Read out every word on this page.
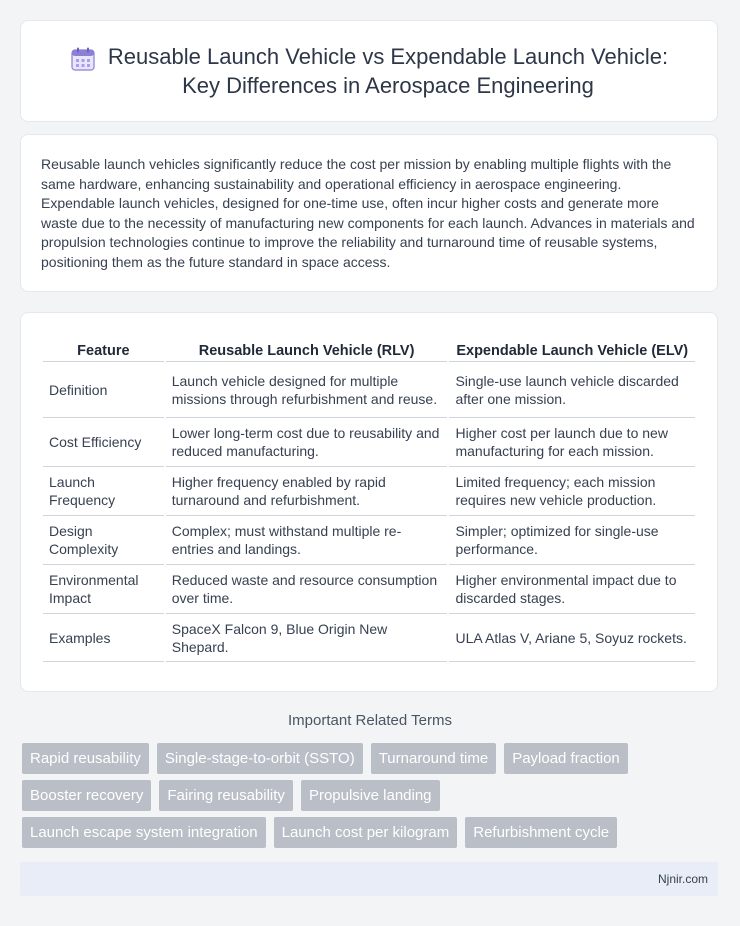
Reusable Launch Vehicle vs Expendable Launch Vehicle:
Key Differences in Aerospace Engineering

Reusable launch vehicles significantly reduce the cost per mission by enabling multiple flights with the same hardware, enhancing sustainability and operational efficiency in aerospace engineering. Expendable launch vehicles, designed for one-time use, often incur higher costs and generate more waste due to the necessity of manufacturing new components for each launch. Advances in materials and propulsion technologies continue to improve the reliability and turnaround time of reusable systems, positioning them as the future standard in space access.

Feature	Reusable Launch Vehicle (RLV)	Expendable Launch Vehicle (ELV)
Definition	Launch vehicle designed for multiple missions through refurbishment and reuse.	Single-use launch vehicle discarded after one mission.
Cost Efficiency	Lower long-term cost due to reusability and reduced manufacturing.	Higher cost per launch due to new manufacturing for each mission.
Launch Frequency	Higher frequency enabled by rapid turnaround and refurbishment.	Limited frequency; each mission requires new vehicle production.
Design Complexity	Complex; must withstand multiple re-entries and landings.	Simpler; optimized for single-use performance.
Environmental Impact	Reduced waste and resource consumption over time.	Higher environmental impact due to discarded stages.
Examples	SpaceX Falcon 9, Blue Origin New Shepard.	ULA Atlas V, Ariane 5, Soyuz rockets.
Important Related Terms
Rapid reusability	Single-stage-to-orbit (SSTO)	Turnaround time	Payload fraction
Booster recovery	Fairing reusability	Propulsive landing
Launch escape system integration	Launch cost per kilogram	Refurbishment cycle
Njnir.com
